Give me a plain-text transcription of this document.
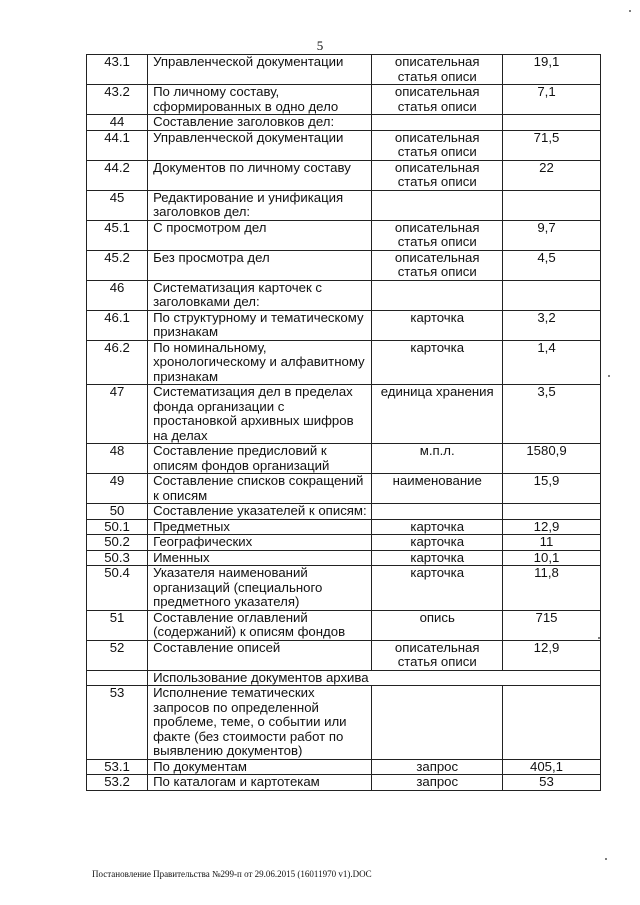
5
43.1	Управленческой документации	описательная статья описи	19,1
43.2	По личному составу, сформированных в одно дело	описательная статья описи	7,1
44	Составление заголовков дел:		
44.1	Управленческой документации	описательная статья описи	71,5
44.2	Документов по личному составу	описательная статья описи	22
45	Редактирование и унификация заголовков дел:		
45.1	С просмотром дел	описательная статья описи	9,7
45.2	Без просмотра дел	описательная статья описи	4,5
46	Систематизация карточек с заголовками дел:		
46.1	По структурному и тематическому признакам	карточка	3,2
46.2	По номинальному, хронологическому и алфавитному признакам	карточка	1,4
47	Систематизация дел в пределах фонда организации с простановкой архивных шифров на делах	единица хранения	3,5
48	Составление предисловий к описям фондов организаций	м.п.л.	1580,9
49	Составление списков сокращений к описям	наименование	15,9
50	Составление указателей к описям:		
50.1	Предметных	карточка	12,9
50.2	Географических	карточка	11
50.3	Именных	карточка	10,1
50.4	Указателя наименований организаций (специального предметного указателя)	карточка	11,8
51	Составление оглавлений (содержаний) к описям фондов	опись	715
52	Составление описей	описательная статья описи	12,9
	Использование документов архива		
53	Исполнение тематических запросов по определенной проблеме, теме, о событии или факте (без стоимости работ по выявлению документов)		
53.1	По документам	запрос	405,1
53.2	По каталогам и картотекам	запрос	53
Постановление Правительства №299-п от 29.06.2015 (16011970 v1).DOC
